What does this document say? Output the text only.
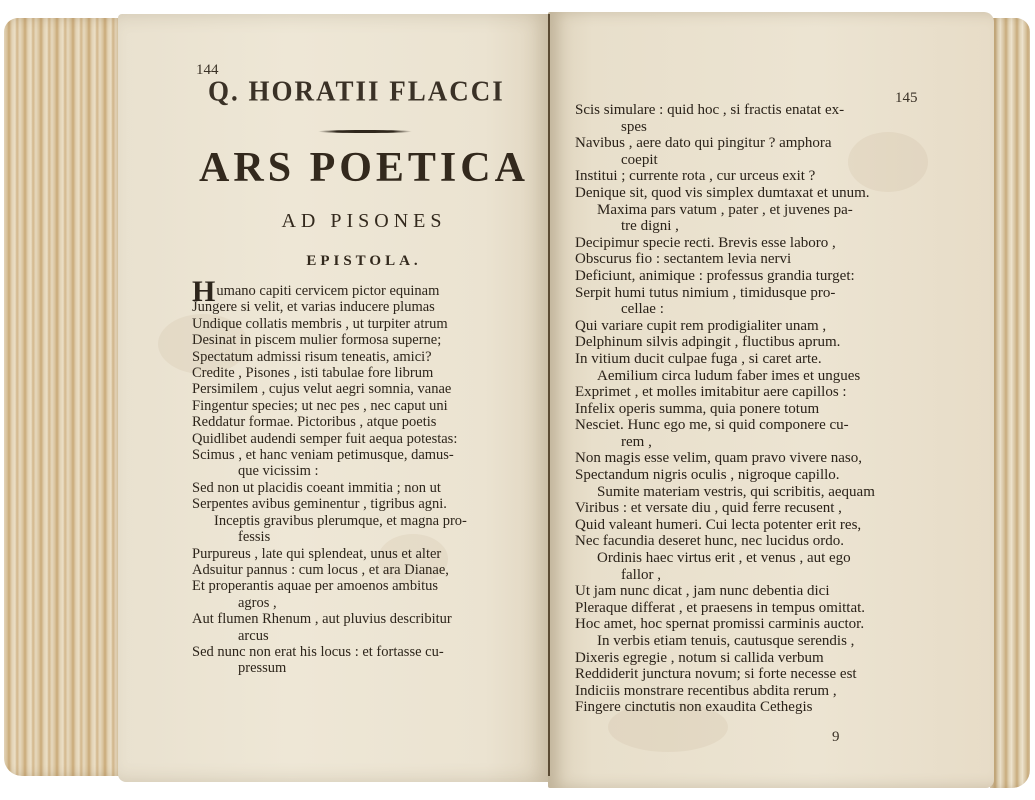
144
Q. HORATII FLACCI
ARS POETICA
AD PISONES
EPISTOLA.
Humano capiti cervicem pictor equinam
Jungere si velit, et varias inducere plumas
Undique collatis membris , ut turpiter atrum
Desinat in piscem mulier formosa superne;
Spectatum admissi risum teneatis, amici?
Credite , Pisones , isti tabulae fore librum
Persimilem , cujus velut aegri somnia, vanae
Fingentur species; ut nec pes , nec caput uni
Reddatur formae. Pictoribus , atque poetis
Quidlibet audendi semper fuit aequa potestas:
Scimus , et hanc veniam petimusque, damus-
que vicissim :
Sed non ut placidis coeant immitia ; non ut
Serpentes avibus geminentur , tigribus agni.
Inceptis gravibus plerumque, et magna pro-
fessis
Purpureus , late qui splendeat, unus et alter
Adsuitur pannus : cum locus , et ara Dianae,
Et properantis aquae per amoenos ambitus
agros ,
Aut flumen Rhenum , aut pluvius describitur
arcus
Sed nunc non erat his locus : et fortasse cu-
pressum
145
Scis simulare : quid hoc , si fractis enatat ex-
spes
Navibus , aere dato qui pingitur ? amphora
coepit
Institui ; currente rota , cur urceus exit ?
Denique sit, quod vis simplex dumtaxat et unum.
Maxima pars vatum , pater , et juvenes pa-
tre digni ,
Decipimur specie recti. Brevis esse laboro ,
Obscurus fio : sectantem levia nervi
Deficiunt, animique : professus grandia turget:
Serpit humi tutus nimium , timidusque pro-
cellae :
Qui variare cupit rem prodigialiter unam ,
Delphinum silvis adpingit , fluctibus aprum.
In vitium ducit culpae fuga , si caret arte.
Aemilium circa ludum faber imes et ungues
Exprimet , et molles imitabitur aere capillos :
Infelix operis summa, quia ponere totum
Nesciet. Hunc ego me, si quid componere cu-
rem ,
Non magis esse velim, quam pravo vivere naso,
Spectandum nigris oculis , nigroque capillo.
Sumite materiam vestris, qui scribitis, aequam
Viribus : et versate diu , quid ferre recusent ,
Quid valeant humeri. Cui lecta potenter erit res,
Nec facundia deseret hunc, nec lucidus ordo.
Ordinis haec virtus erit , et venus , aut ego
fallor ,
Ut jam nunc dicat , jam nunc debentia dici
Pleraque differat , et praesens in tempus omittat.
Hoc amet, hoc spernat promissi carminis auctor.
In verbis etiam tenuis, cautusque serendis ,
Dixeris egregie , notum si callida verbum
Reddiderit junctura novum; si forte necesse est
Indiciis monstrare recentibus abdita rerum ,
Fingere cinctutis non exaudita Cethegis
9
